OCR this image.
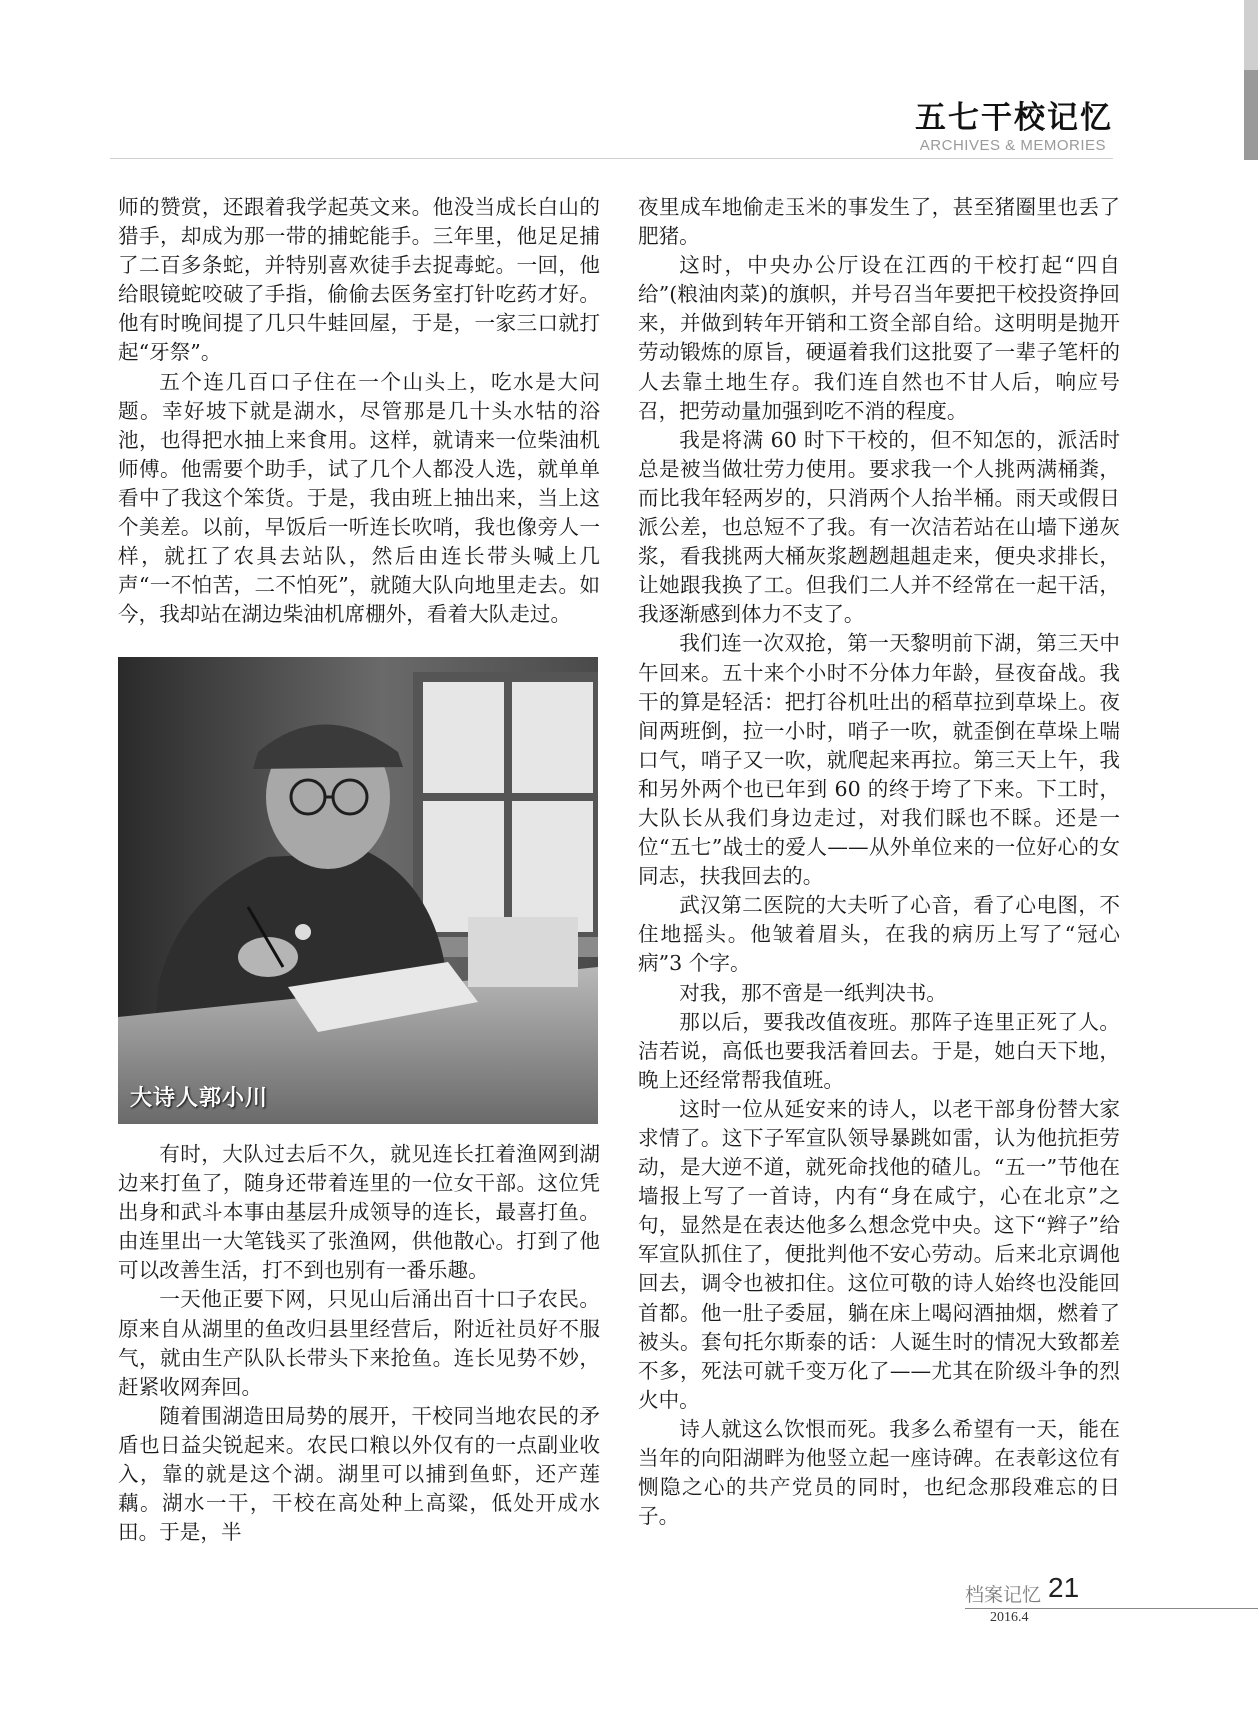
五七干校记忆
ARCHIVES & MEMORIES

师的赞赏，还跟着我学起英文来。他没当成长白山的猎手，却成为那一带的捕蛇能手。三年里，他足足捕了二百多条蛇，并特别喜欢徒手去捉毒蛇。一回，他给眼镜蛇咬破了手指，偷偷去医务室打针吃药才好。他有时晚间提了几只牛蛙回屋，于是，一家三口就打起“牙祭”。

五个连几百口子住在一个山头上，吃水是大问题。幸好坡下就是湖水，尽管那是几十头水牯的浴池，也得把水抽上来食用。这样，就请来一位柴油机师傅。他需要个助手，试了几个人都没人选，就单单看中了我这个笨货。于是，我由班上抽出来，当上这个美差。以前，早饭后一听连长吹哨，我也像旁人一样，就扛了农具去站队，然后由连长带头喊上几声“一不怕苦，二不怕死”，就随大队向地里走去。如今，我却站在湖边柴油机席棚外，看着大队走过。

大诗人郭小川

有时，大队过去后不久，就见连长扛着渔网到湖边来打鱼了，随身还带着连里的一位女干部。这位凭出身和武斗本事由基层升成领导的连长，最喜打鱼。由连里出一大笔钱买了张渔网，供他散心。打到了他可以改善生活，打不到也别有一番乐趣。

一天他正要下网，只见山后涌出百十口子农民。原来自从湖里的鱼改归县里经营后，附近社员好不服气，就由生产队队长带头下来抢鱼。连长见势不妙，赶紧收网奔回。

随着围湖造田局势的展开，干校同当地农民的矛盾也日益尖锐起来。农民口粮以外仅有的一点副业收入，靠的就是这个湖。湖里可以捕到鱼虾，还产莲藕。湖水一干，干校在高处种上高粱，低处开成水田。于是，半

夜里成车地偷走玉米的事发生了，甚至猪圈里也丢了肥猪。

这时，中央办公厅设在江西的干校打起“四自给”(粮油肉菜)的旗帜，并号召当年要把干校投资挣回来，并做到转年开销和工资全部自给。这明明是抛开劳动锻炼的原旨，硬逼着我们这批耍了一辈子笔杆的人去靠土地生存。我们连自然也不甘人后，响应号召，把劳动量加强到吃不消的程度。

我是将满 60 时下干校的，但不知怎的，派活时总是被当做壮劳力使用。要求我一个人挑两满桶粪，而比我年轻两岁的，只消两个人抬半桶。雨天或假日派公差，也总短不了我。有一次洁若站在山墙下递灰浆，看我挑两大桶灰浆趔趔趄趄走来，便央求排长，让她跟我换了工。但我们二人并不经常在一起干活，我逐渐感到体力不支了。

我们连一次双抢，第一天黎明前下湖，第三天中午回来。五十来个小时不分体力年龄，昼夜奋战。我干的算是轻活：把打谷机吐出的稻草拉到草垛上。夜间两班倒，拉一小时，哨子一吹，就歪倒在草垛上喘口气，哨子又一吹，就爬起来再拉。第三天上午，我和另外两个也已年到 60 的终于垮了下来。下工时，大队长从我们身边走过，对我们睬也不睬。还是一位“五七”战士的爱人——从外单位来的一位好心的女同志，扶我回去的。

武汉第二医院的大夫听了心音，看了心电图，不住地摇头。他皱着眉头，在我的病历上写了“冠心病”3 个字。

对我，那不啻是一纸判决书。

那以后，要我改值夜班。那阵子连里正死了人。洁若说，高低也要我活着回去。于是，她白天下地，晚上还经常帮我值班。

这时一位从延安来的诗人，以老干部身份替大家求情了。这下子军宣队领导暴跳如雷，认为他抗拒劳动，是大逆不道，就死命找他的碴儿。“五一”节他在墙报上写了一首诗，内有“身在咸宁，心在北京”之句，显然是在表达他多么想念党中央。这下“辫子”给军宣队抓住了，便批判他不安心劳动。后来北京调他回去，调令也被扣住。这位可敬的诗人始终也没能回首都。他一肚子委屈，躺在床上喝闷酒抽烟，燃着了被头。套句托尔斯泰的话：人诞生时的情况大致都差不多，死法可就千变万化了——尤其在阶级斗争的烈火中。

诗人就这么饮恨而死。我多么希望有一天，能在当年的向阳湖畔为他竖立起一座诗碑。在表彰这位有恻隐之心的共产党员的同时，也纪念那段难忘的日子。

档案记忆 21
2016.4
